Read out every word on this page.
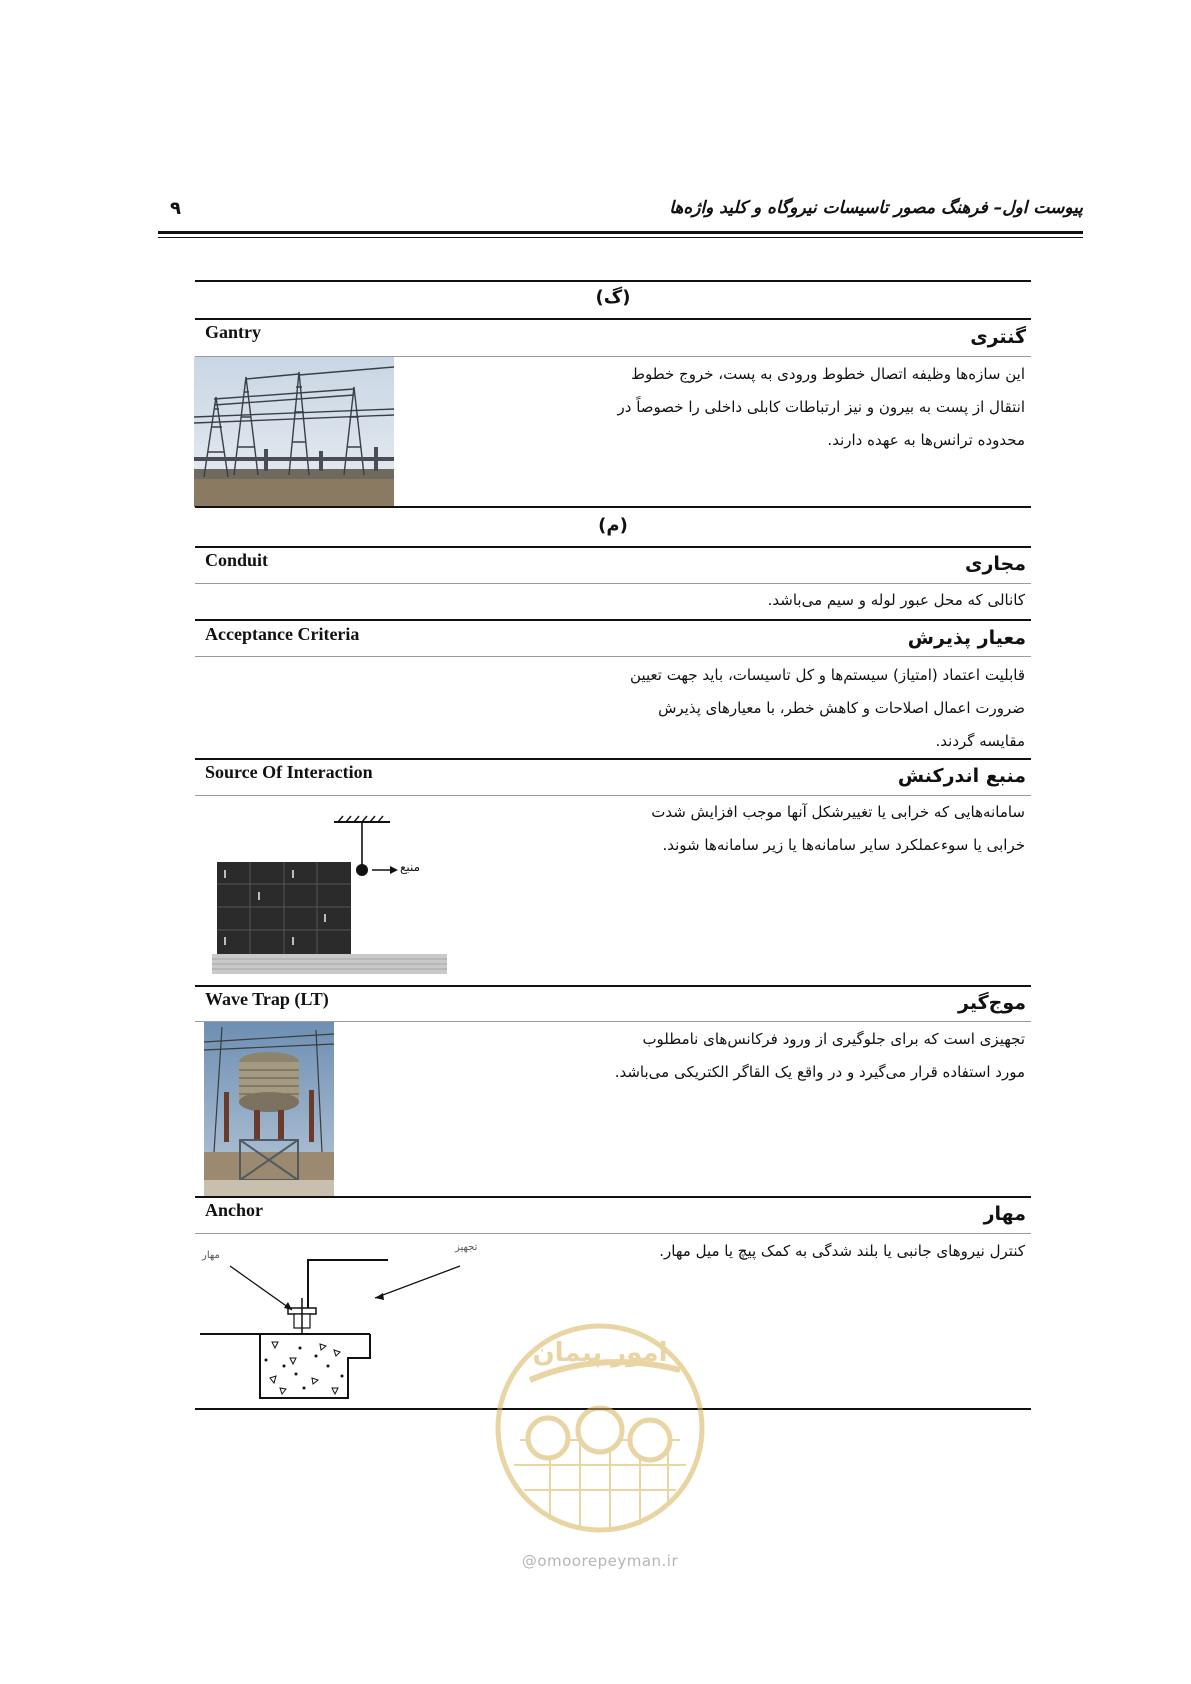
پیوست اول– فرهنگ مصور تاسیسات نیروگاه و کلید واژه‌ها
۹
(گ)
Gantry	گنتری
این سازه‌ها وظیفه اتصال خطوط ورودی به پست، خروج خطوط
انتقال از پست به بیرون و نیز ارتباطات کابلی داخلی را خصوصاً در
محدوده ترانس‌ها به عهده دارند.
(م)
Conduit	مجاری
کانالی که محل عبور لوله و سیم می‌باشد.
Acceptance Criteria	معیار پذیرش
قابلیت اعتماد (امتیاز) سیستم‌ها و کل تاسیسات، باید جهت تعیین
ضرورت اعمال اصلاحات و کاهش خطر، با معیارهای پذیرش
مقایسه گردند.
Source Of Interaction	منبع اندرکنش
سامانه‌هایی که خرابی یا تغییرشکل آنها موجب افزایش شدت
خرابی یا سوءعملکرد سایر سامانه‌ها یا زیر سامانه‌ها شوند.
منبع
Wave Trap (LT)	موج‌گیر
تجهیزی است که برای جلوگیری از ورود فرکانس‌های نامطلوب
مورد استفاده قرار می‌گیرد و در واقع یک القاگر الکتریکی می‌باشد.
Anchor	مهار
کنترل نیروهای جانبی یا بلند شدگی به کمک پیچ یا میل مهار.
مهار
تجهیز
امور پیمان
@omoorepeyman.ir
